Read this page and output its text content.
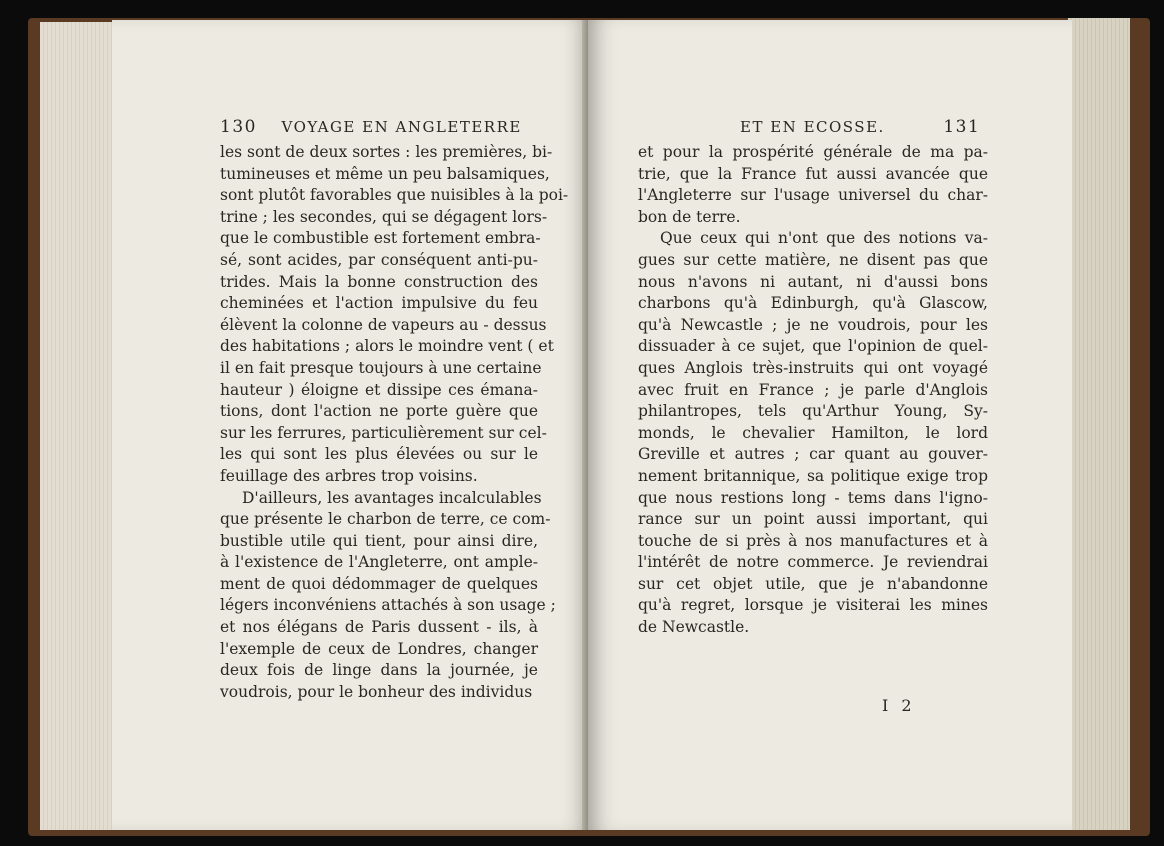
130 VOYAGE EN ANGLETERRE
les sont de deux sortes : les premières, bi-
tumineuses et même un peu balsamiques,
sont plutôt favorables que nuisibles à la poi-
trine ; les secondes, qui se dégagent lors-
que le combustible est fortement embra-
sé, sont acides, par conséquent anti-pu-
trides. Mais la bonne construction des
cheminées et l'action impulsive du feu
élèvent la colonne de vapeurs au - dessus
des habitations ; alors le moindre vent ( et
il en fait presque toujours à une certaine
hauteur ) éloigne et dissipe ces émana-
tions, dont l'action ne porte guère que
sur les ferrures, particulièrement sur cel-
les qui sont les plus élevées ou sur le
feuillage des arbres trop voisins.
D'ailleurs, les avantages incalculables
que présente le charbon de terre, ce com-
bustible utile qui tient, pour ainsi dire,
à l'existence de l'Angleterre, ont ample-
ment de quoi dédommager de quelques
légers inconvéniens attachés à son usage ;
et nos élégans de Paris dussent - ils, à
l'exemple de ceux de Londres, changer
deux fois de linge dans la journée, je
voudrois, pour le bonheur des individus
ET EN ECOSSE.	131
et pour la prospérité générale de ma pa-
trie, que la France fut aussi avancée que
l'Angleterre sur l'usage universel du char-
bon de terre.
Que ceux qui n'ont que des notions va-
gues sur cette matière, ne disent pas que
nous n'avons ni autant, ni d'aussi bons
charbons qu'à Edinburgh, qu'à Glascow,
qu'à Newcastle ; je ne voudrois, pour les
dissuader à ce sujet, que l'opinion de quel-
ques Anglois très-instruits qui ont voyagé
avec fruit en France ; je parle d'Anglois
philantropes, tels qu'Arthur Young, Sy-
monds, le chevalier Hamilton, le lord
Greville et autres ; car quant au gouver-
nement britannique, sa politique exige trop
que nous restions long - tems dans l'igno-
rance sur un point aussi important, qui
touche de si près à nos manufactures et à
l'intérêt de notre commerce. Je reviendrai
sur cet objet utile, que je n'abandonne
qu'à regret, lorsque je visiterai les mines
de Newcastle.
I 2
